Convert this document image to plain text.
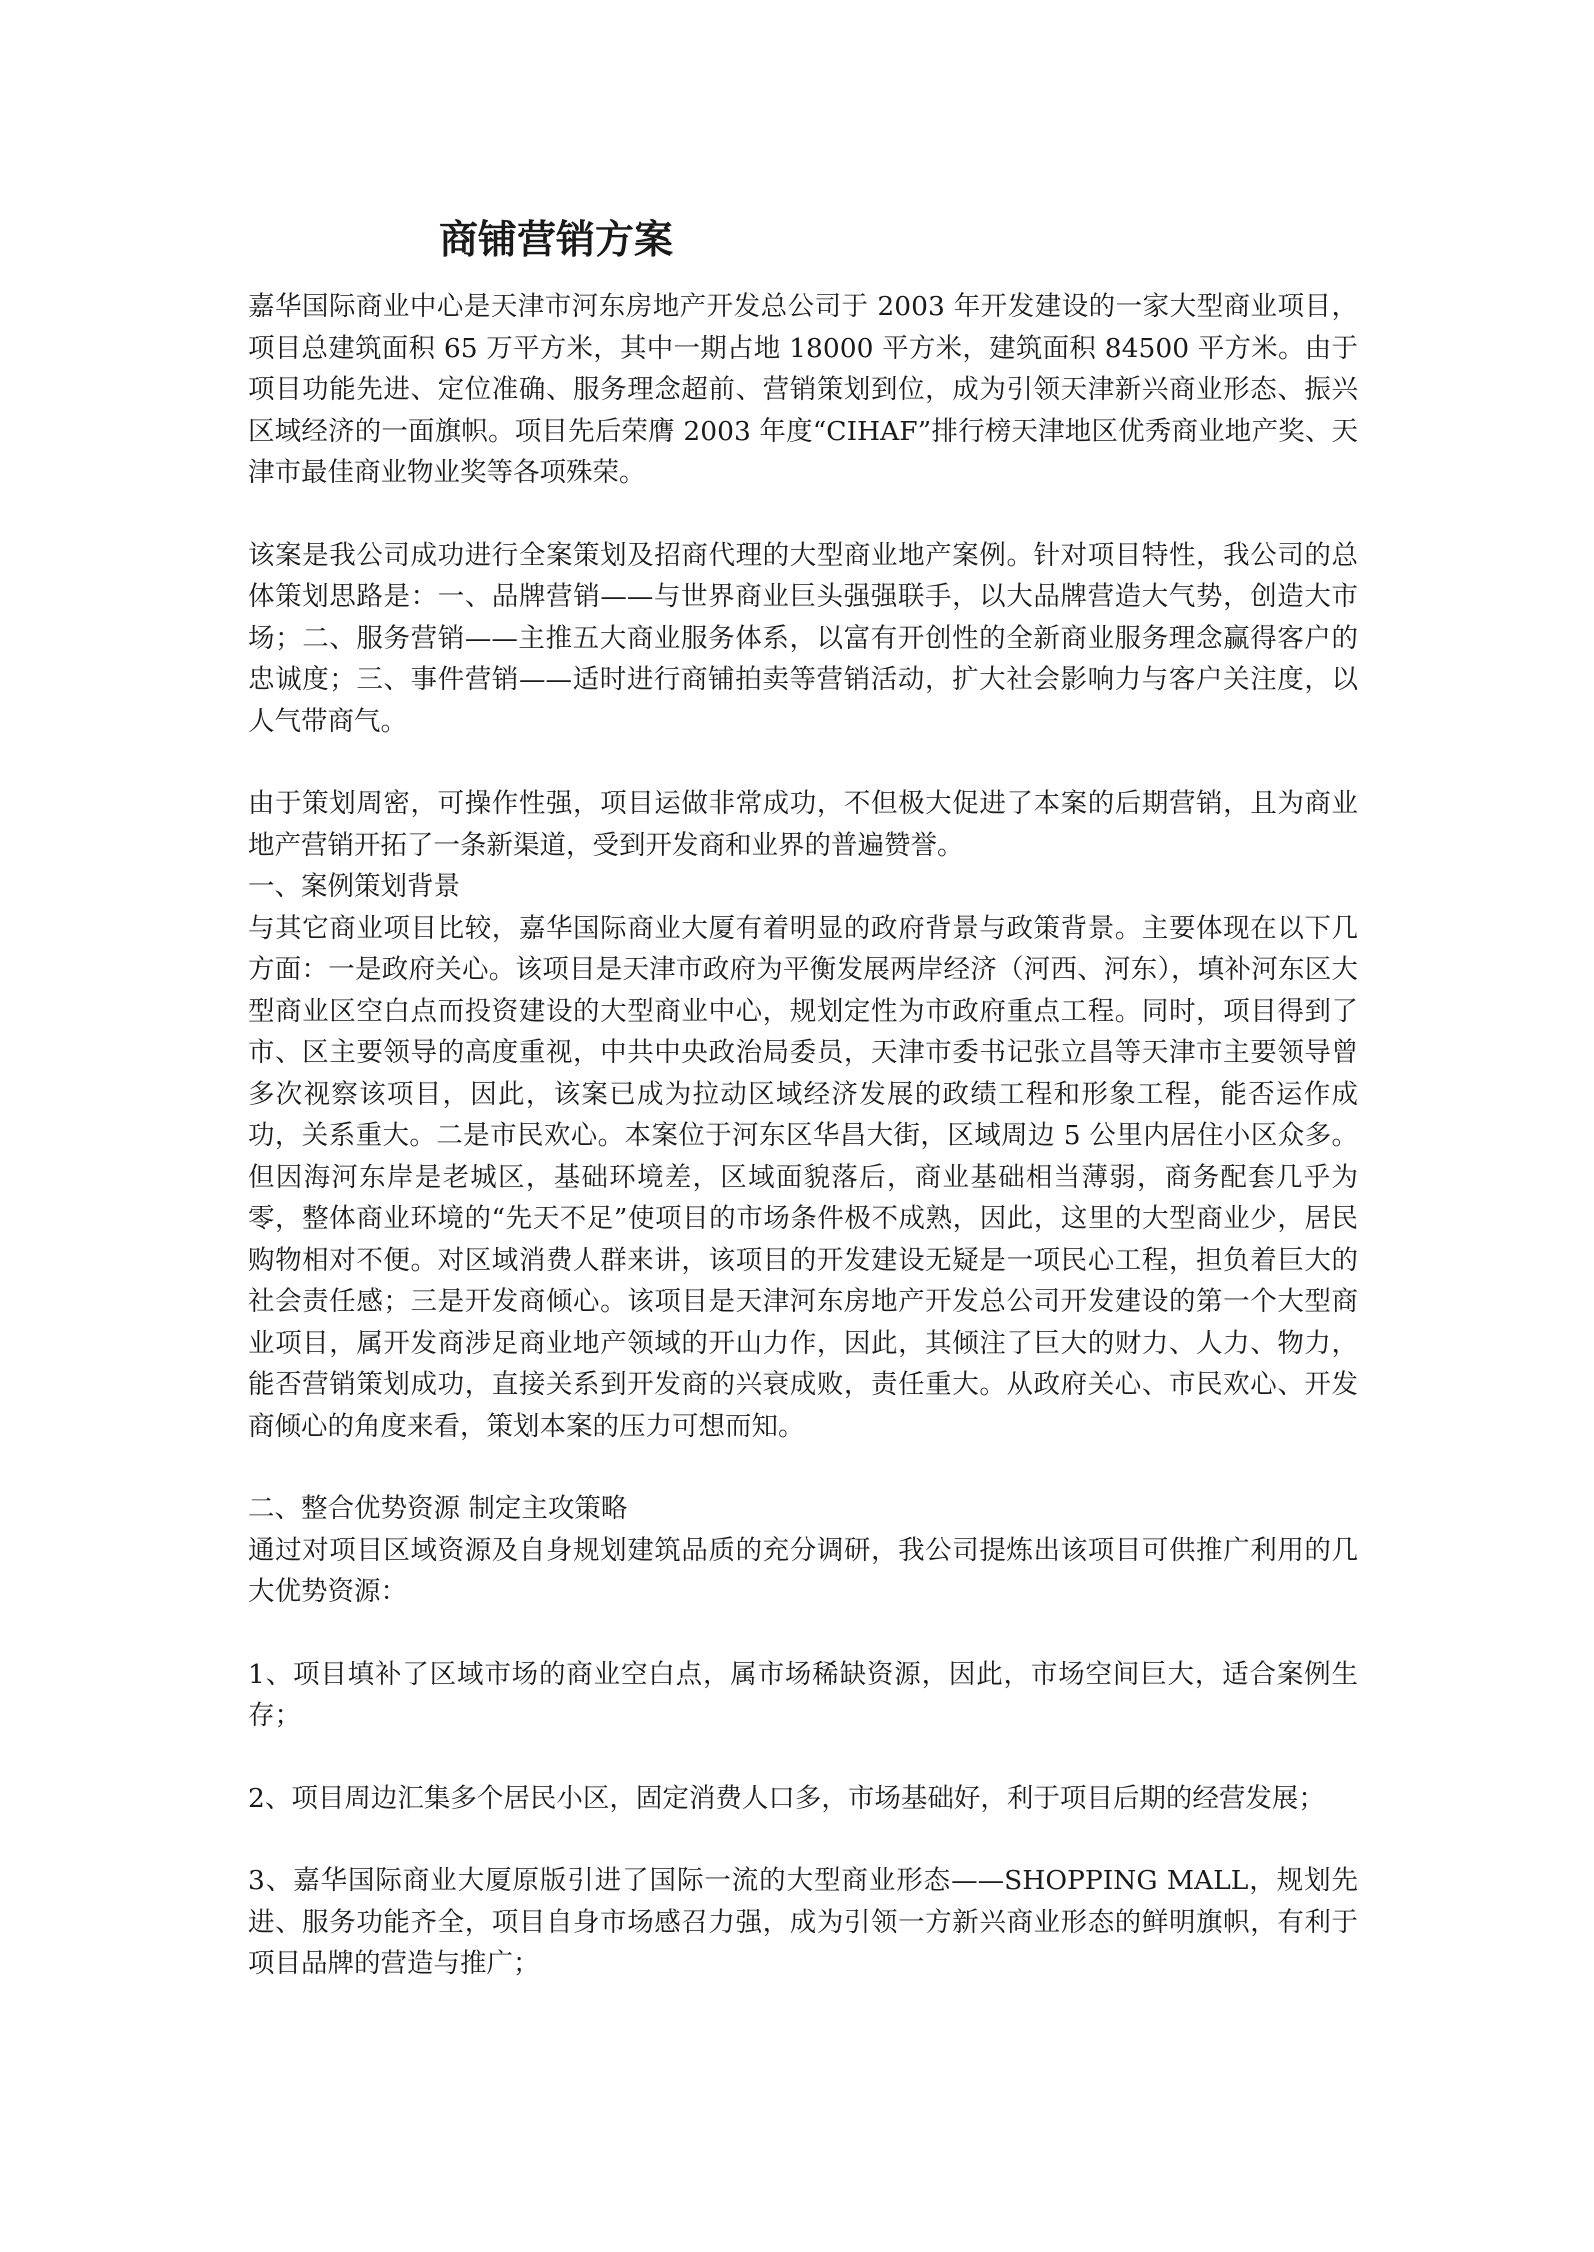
商铺营销方案

嘉华国际商业中心是天津市河东房地产开发总公司于 2003 年开发建设的一家大型商业项目，项目总建筑面积 65 万平方米，其中一期占地 18000 平方米，建筑面积 84500 平方米。由于项目功能先进、定位准确、服务理念超前、营销策划到位，成为引领天津新兴商业形态、振兴区域经济的一面旗帜。项目先后荣膺 2003 年度“CIHAF”排行榜天津地区优秀商业地产奖、天津市最佳商业物业奖等各项殊荣。

该案是我公司成功进行全案策划及招商代理的大型商业地产案例。针对项目特性，我公司的总体策划思路是：一、品牌营销——与世界商业巨头强强联手，以大品牌营造大气势，创造大市场；二、服务营销——主推五大商业服务体系，以富有开创性的全新商业服务理念赢得客户的忠诚度；三、事件营销——适时进行商铺拍卖等营销活动，扩大社会影响力与客户关注度，以人气带商气。

由于策划周密，可操作性强，项目运做非常成功，不但极大促进了本案的后期营销，且为商业地产营销开拓了一条新渠道，受到开发商和业界的普遍赞誉。

一、案例策划背景

与其它商业项目比较，嘉华国际商业大厦有着明显的政府背景与政策背景。主要体现在以下几方面：一是政府关心。该项目是天津市政府为平衡发展两岸经济（河西、河东），填补河东区大型商业区空白点而投资建设的大型商业中心，规划定性为市政府重点工程。同时，项目得到了市、区主要领导的高度重视，中共中央政治局委员，天津市委书记张立昌等天津市主要领导曾多次视察该项目，因此，该案已成为拉动区域经济发展的政绩工程和形象工程，能否运作成功，关系重大。二是市民欢心。本案位于河东区华昌大街，区域周边 5 公里内居住小区众多。但因海河东岸是老城区，基础环境差，区域面貌落后，商业基础相当薄弱，商务配套几乎为零，整体商业环境的“先天不足”使项目的市场条件极不成熟，因此，这里的大型商业少，居民购物相对不便。对区域消费人群来讲，该项目的开发建设无疑是一项民心工程，担负着巨大的社会责任感；三是开发商倾心。该项目是天津河东房地产开发总公司开发建设的第一个大型商业项目，属开发商涉足商业地产领域的开山力作，因此，其倾注了巨大的财力、人力、物力，能否营销策划成功，直接关系到开发商的兴衰成败，责任重大。从政府关心、市民欢心、开发商倾心的角度来看，策划本案的压力可想而知。

二、整合优势资源 制定主攻策略

通过对项目区域资源及自身规划建筑品质的充分调研，我公司提炼出该项目可供推广利用的几大优势资源：

1、项目填补了区域市场的商业空白点，属市场稀缺资源，因此，市场空间巨大，适合案例生存；

2、项目周边汇集多个居民小区，固定消费人口多，市场基础好，利于项目后期的经营发展；

3、嘉华国际商业大厦原版引进了国际一流的大型商业形态——SHOPPING MALL，规划先进、服务功能齐全，项目自身市场感召力强，成为引领一方新兴商业形态的鲜明旗帜，有利于项目品牌的营造与推广；
